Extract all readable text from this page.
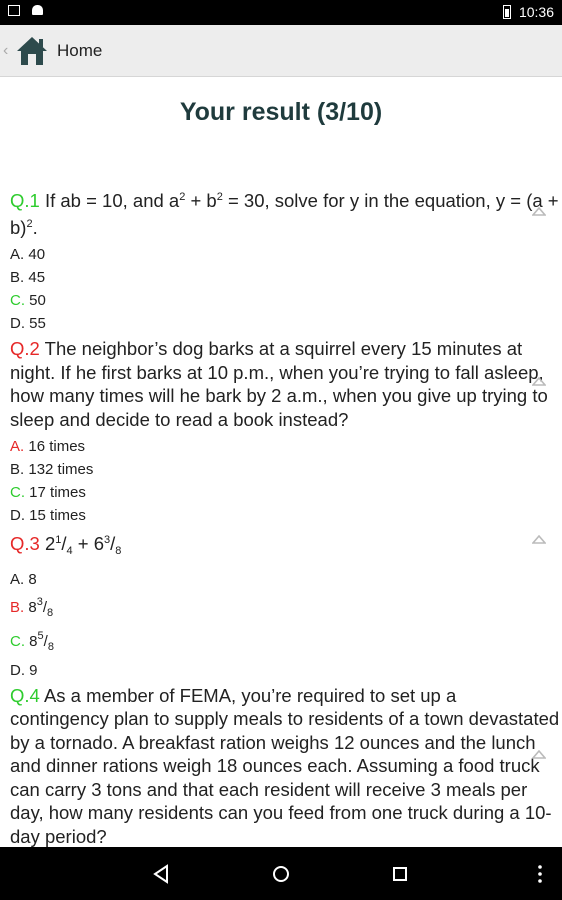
10:36
‹	Home
Your result (3/10)
Q.1 If ab = 10, and $a^2 + b^2 = 30$, solve for y in the equation, $y = (a + b)^2$.
A. 40
B. 45
C. 50
D. 55
Q.2 The neighbor’s dog barks at a squirrel every 15 minutes at night. If he first barks at 10 p.m., when you’re trying to fall asleep, how many times will he bark by 2 a.m., when you give up trying to sleep and decide to read a book instead?
A. 16 times
B. 132 times
C. 17 times
D. 15 times
Q.3 $2^1/_4 + 6^3/_8$
A. 8
B. $8^3/_8$
C. $8^5/_8$
D. 9
Q.4 As a member of FEMA, you’re required to set up a contingency plan to supply meals to residents of a town devastated by a tornado. A breakfast ration weighs 12 ounces and the lunch and dinner rations weigh 18 ounces each. Assuming a food truck can carry 3 tons and that each resident will receive 3 meals per day, how many residents can you feed from one truck during a 10-day period?
